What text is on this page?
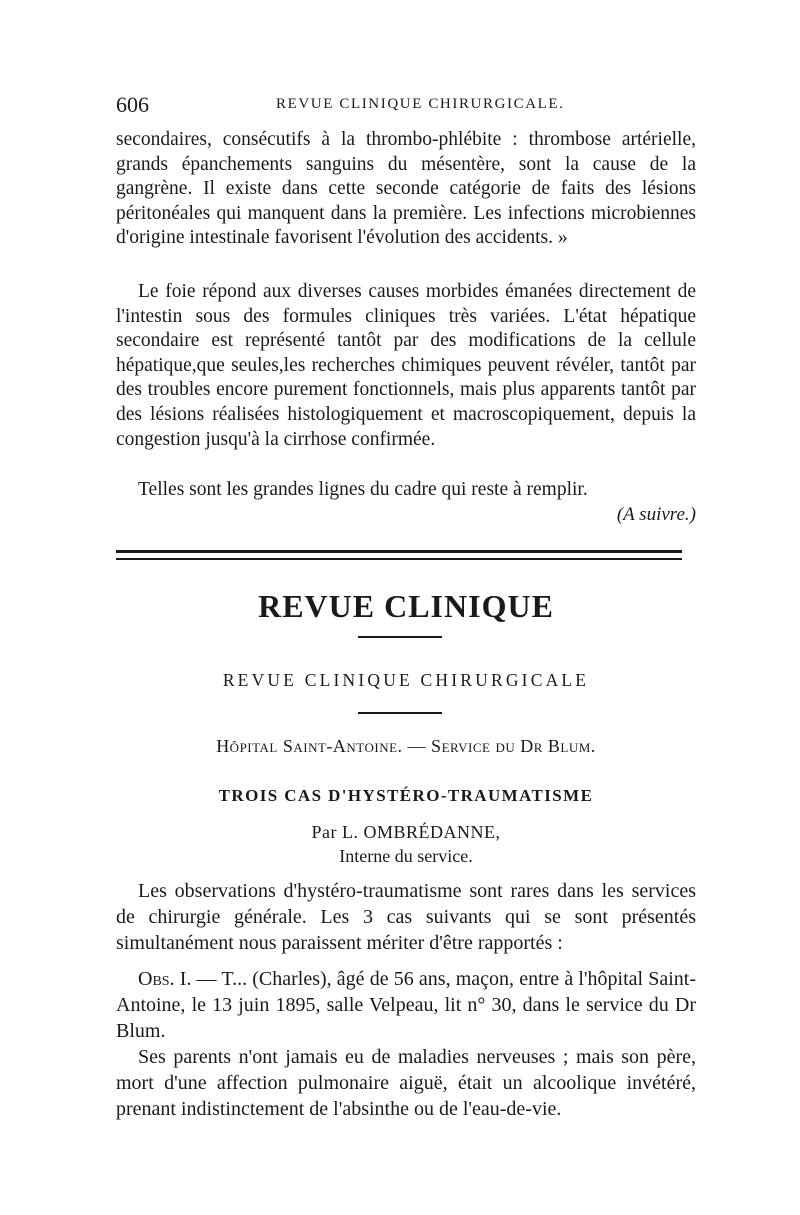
606	REVUE CLINIQUE CHIRURGICALE.

secondaires, consécutifs à la thrombo-phlébite : thrombose artérielle, grands épanchements sanguins du mésentère, sont la cause de la gangrène. Il existe dans cette seconde catégorie de faits des lésions péritonéales qui manquent dans la première. Les infections microbiennes d'origine intestinale favorisent l'évolution des accidents. »

Le foie répond aux diverses causes morbides émanées directement de l'intestin sous des formules cliniques très variées. L'état hépatique secondaire est représenté tantôt par des modifications de la cellule hépatique,que seules,les recherches chimiques peuvent révéler, tantôt par des troubles encore purement fonctionnels, mais plus apparents tantôt par des lésions réalisées histologiquement et macroscopiquement, depuis la congestion jusqu'à la cirrhose confirmée.

Telles sont les grandes lignes du cadre qui reste à remplir.

(A suivre.)
REVUE CLINIQUE
REVUE CLINIQUE CHIRURGICALE
Hôpital Saint-Antoine. — Service du Dr Blum.
TROIS CAS D'HYSTÉRO-TRAUMATISME
Par L. OMBRÉDANNE,
Interne du service.

Les observations d'hystéro-traumatisme sont rares dans les services de chirurgie générale. Les 3 cas suivants qui se sont présentés simultanément nous paraissent mériter d'être rapportés :

Obs. I. — T... (Charles), âgé de 56 ans, maçon, entre à l'hôpital Saint-Antoine, le 13 juin 1895, salle Velpeau, lit n° 30, dans le service du Dr Blum.

Ses parents n'ont jamais eu de maladies nerveuses ; mais son père, mort d'une affection pulmonaire aiguë, était un alcoolique invétéré, prenant indistinctement de l'absinthe ou de l'eau-de-vie.
